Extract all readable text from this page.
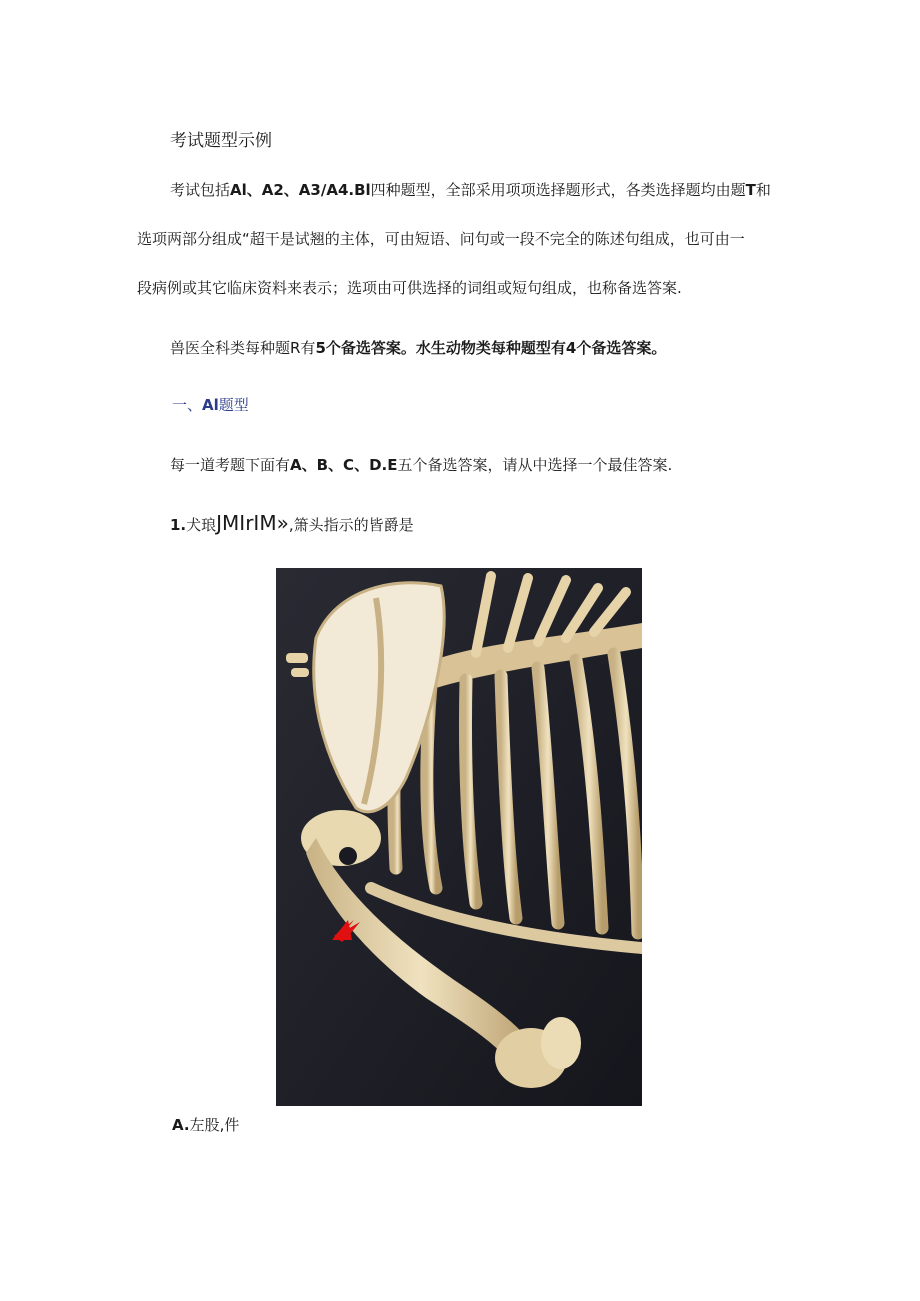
考试题型示例
考试包括Al、A2、A3∕A4.Bl四种题型，全部采用项项选择题形式，各类选择题均由题T和
选项两部分组成“超干是试翘的主体，可由短语、问句或一段不完全的陈述句组成，也可由一
段病例或其它临床资料来表示；选项由可供选择的词组或短句组成，也称备选答案.
兽医全科类每种题R有5个备选答案。水生动物类每种题型有4个备选答案。
一、Al题型
每一道考题下面有A、B、C、D.E五个备选答案，请从中选择一个最佳答案.
1.犬琅JMIrIM»,箫头指示的皆爵是
A.左股,件
